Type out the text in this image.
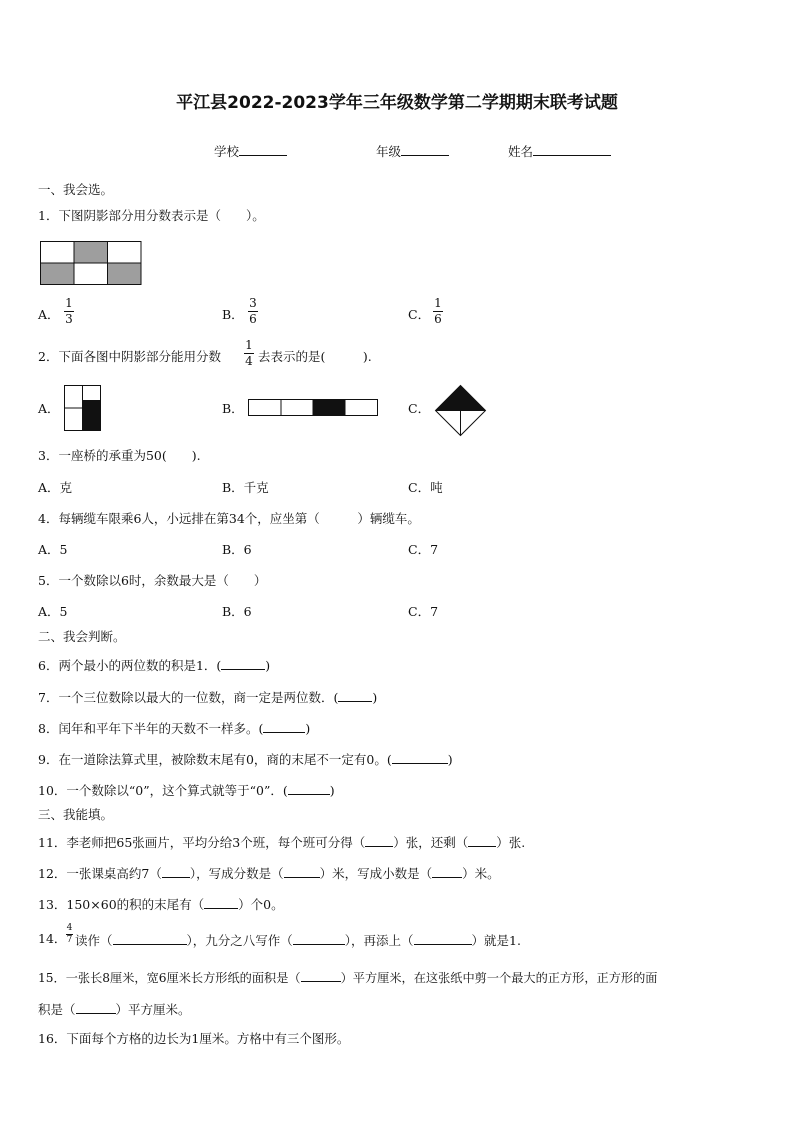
平江县2022-2023学年三年级数学第二学期期末联考试题
学校	年级	姓名
一、我会选。
1．下图阴影部分用分数表示是（　　）。
A．
1
3	B．
3
6	C．
1
6
2．下面各图中阴影部分能用分数
1
4 去表示的是(　　　).
A．	B．	C．
3．一座桥的承重为50(　　).
A．克	B．千克	C．吨
4．每辆缆车限乘6人，小远排在第34个，应坐第（　　　）辆缆车。
A．5	B．6	C．7
5．一个数除以6时，余数最大是（　　）
A．5	B．6	C．7
二、我会判断。
6．两个最小的两位数的积是1．(	)
7．一个三位数除以最大的一位数，商一定是两位数．(	)
8．闰年和平年下半年的天数不一样多。(	)
9．在一道除法算式里，被除数末尾有0，商的末尾不一定有0。(	)
10．一个数除以“0”，这个算式就等于“0”．(	)
三、我能填。
11．李老师把65张画片，平均分给3个班，每个班可分得（ ）张，还剩（ ）张.
12．一张课桌高约7（ ），写成分数是（	）米，写成小数是（ ）米。
13．150×60的积的末尾有（	）个0。
14．
4
7 读作（	），九分之八写作（	），再添上（	）就是1.
15．一张长8厘米，宽6厘米长方形纸的面积是（	）平方厘米，在这张纸中剪一个最大的正方形，正方形的面
积是（	）平方厘米。
16．下面每个方格的边长为1厘米。方格中有三个图形。
